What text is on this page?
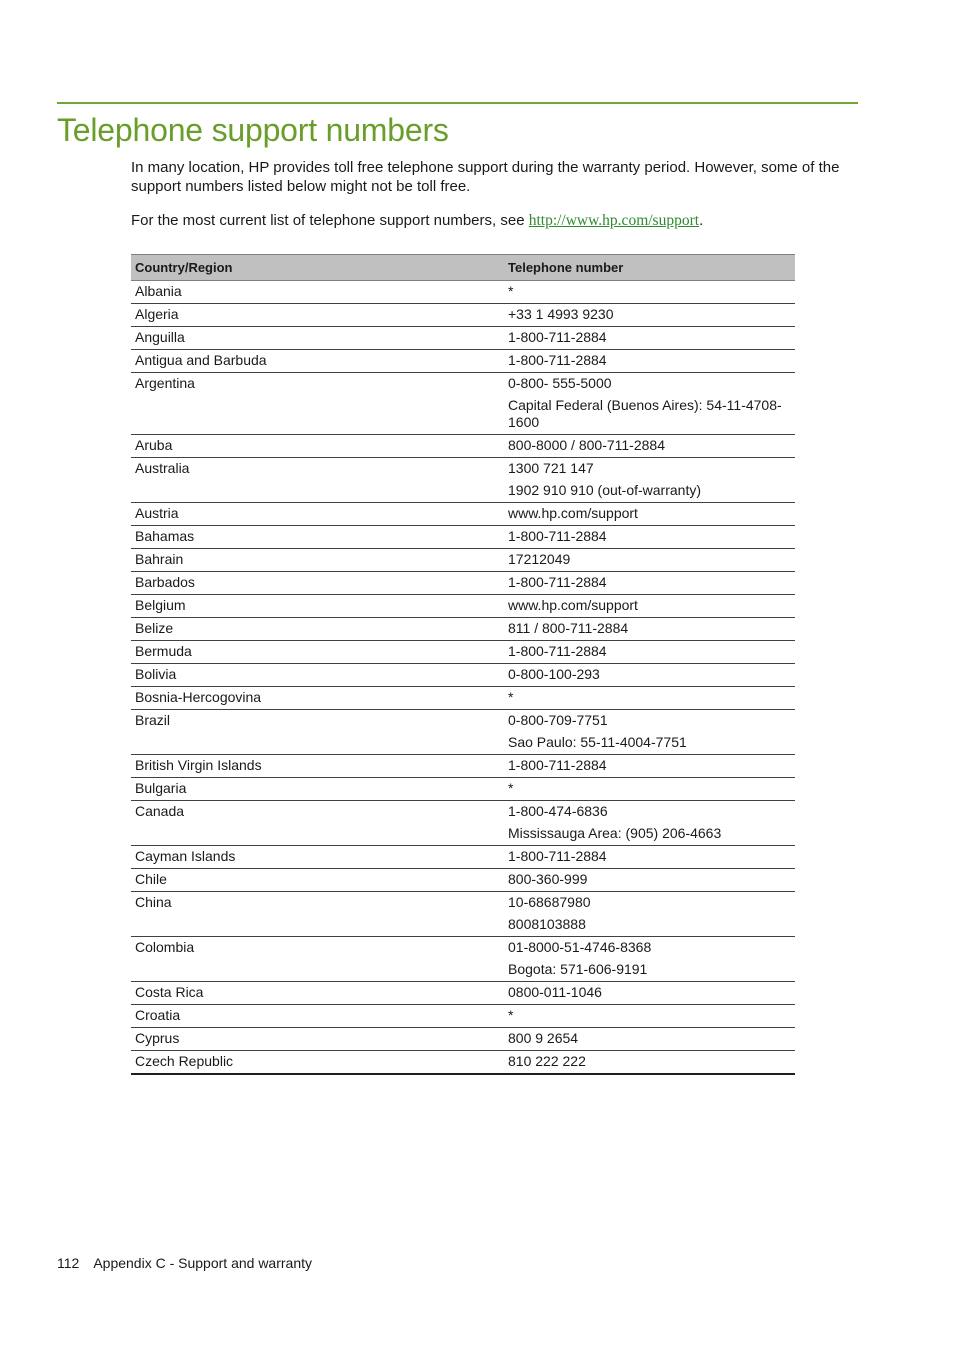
Telephone support numbers

In many location, HP provides toll free telephone support during the warranty period. However, some of the support numbers listed below might not be toll free.

For the most current list of telephone support numbers, see http://www.hp.com/support.

Country/Region	Telephone number
Albania	*

Algeria	+33 1 4993 9230

Anguilla	1-800-711-2884

Antigua and Barbuda	1-800-711-2884

Argentina	0-800- 555-5000
Capital Federal (Buenos Aires): 54-11-4708-1600

Aruba	800-8000 / 800-711-2884

Australia	1300 721 147
1902 910 910 (out-of-warranty)

Austria	www.hp.com/support

Bahamas	1-800-711-2884

Bahrain	17212049

Barbados	1-800-711-2884

Belgium	www.hp.com/support

Belize	811 / 800-711-2884

Bermuda	1-800-711-2884

Bolivia	0-800-100-293

Bosnia-Hercogovina	*

Brazil	0-800-709-7751
Sao Paulo: 55-11-4004-7751

British Virgin Islands	1-800-711-2884

Bulgaria	*

Canada	1-800-474-6836
Mississauga Area: (905) 206-4663

Cayman Islands	1-800-711-2884

Chile	800-360-999

China	10-68687980
8008103888

Colombia	01-8000-51-4746-8368
Bogota: 571-606-9191

Costa Rica	0800-011-1046

Croatia	*

Cyprus	800 9 2654

Czech Republic	810 222 222
112 Appendix C - Support and warranty
